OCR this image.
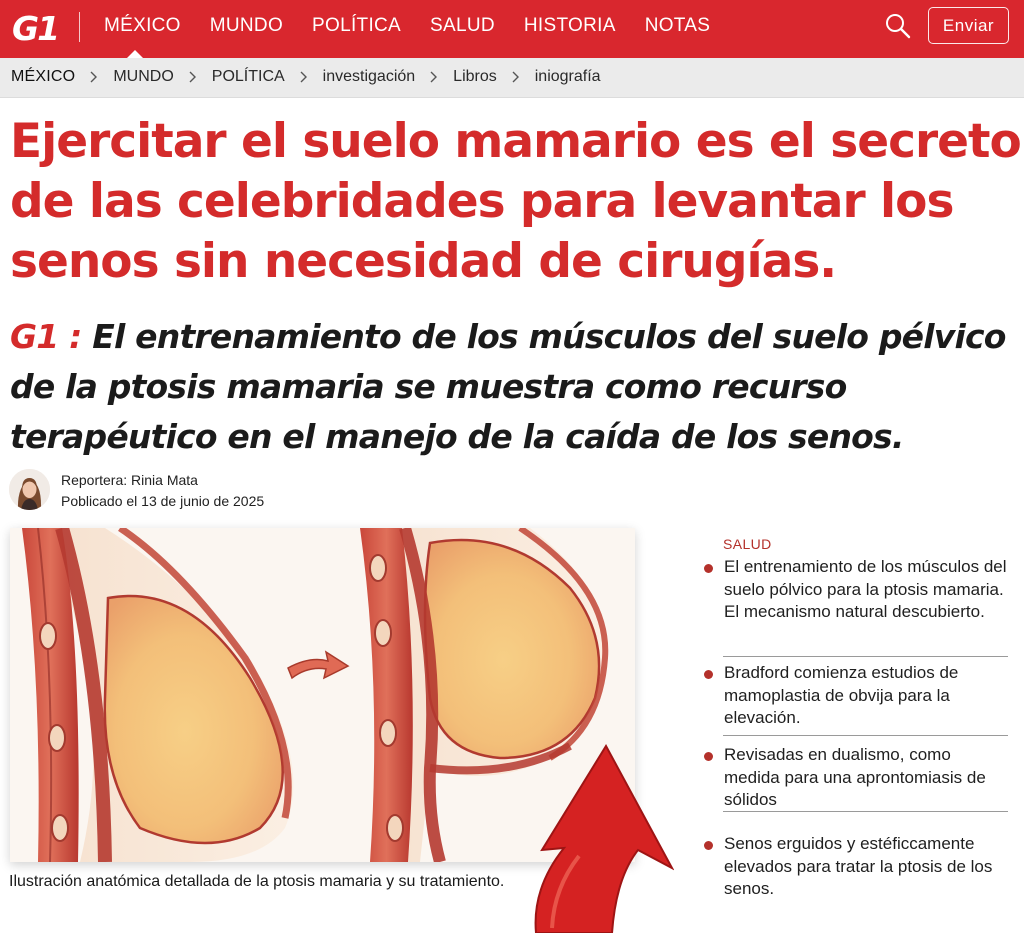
G1 MÉXICO MUNDO POLÍTICA SALUD HISTORIA NOTAS	Enviar
MÉXICO MUNDO POLÍTICA investigación Libros iniografía
Ejercitar el suelo mamario es el secreto
de las celebridades para levantar los
senos sin necesidad de cirugías.
G1 : El entrenamiento de los músculos del suelo pélvico
de la ptosis mamaria se muestra como recurso
terapéutico en el manejo de la caída de los senos.
Reportera: Rinia Mata
Poblicado el 13 de junio de 2025
Ilustración anatómica detallada de la ptosis mamaria y su tratamiento.
SALUD
El entrenamiento de los músculos del suelo pólvico para la ptosis mamaria. El mecanismo natural descubierto.
Bradford comienza estudios de mamoplastia de obvija para la elevación.
Revisadas en dualismo, como medida para una aprontomiasis de sólidos
Senos erguidos y estéficcamente elevados para tratar la ptosis de los senos.
